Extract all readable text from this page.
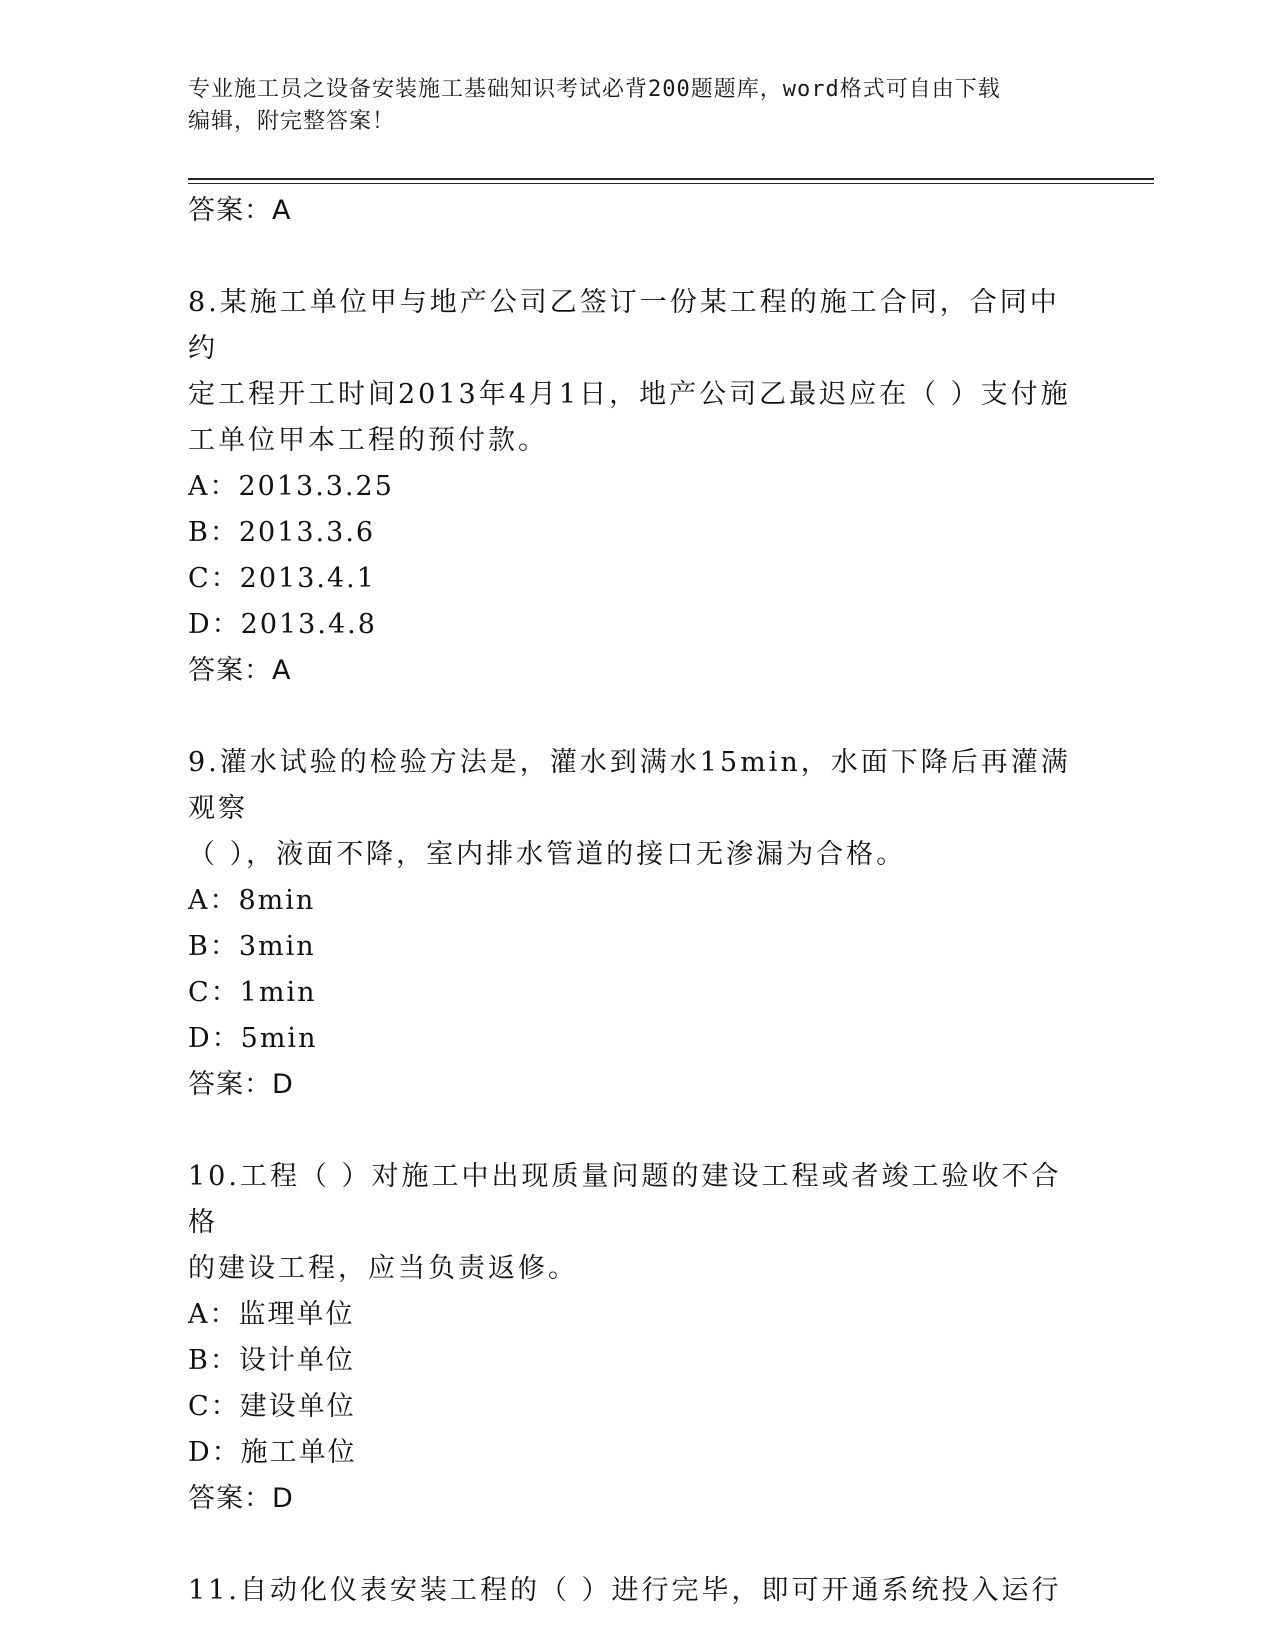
专业施工员之设备安装施工基础知识考试必背200题题库，word格式可自由下载
编辑，附完整答案！
答案：A
8.某施工单位甲与地产公司乙签订一份某工程的施工合同，合同中约
定工程开工时间2013年4月1日，地产公司乙最迟应在（ ）支付施
工单位甲本工程的预付款。
A：2013.3.25
B：2013.3.6
C：2013.4.1
D：2013.4.8
答案：A
9.灌水试验的检验方法是，灌水到满水15min，水面下降后再灌满观察
（ ），液面不降，室内排水管道的接口无渗漏为合格。
A：8min
B：3min
C：1min
D：5min
答案：D
10.工程（ ）对施工中出现质量问题的建设工程或者竣工验收不合格
的建设工程，应当负责返修。
A：监理单位
B：设计单位
C：建设单位
D：施工单位
答案：D
11.自动化仪表安装工程的（ ）进行完毕，即可开通系统投入运行
